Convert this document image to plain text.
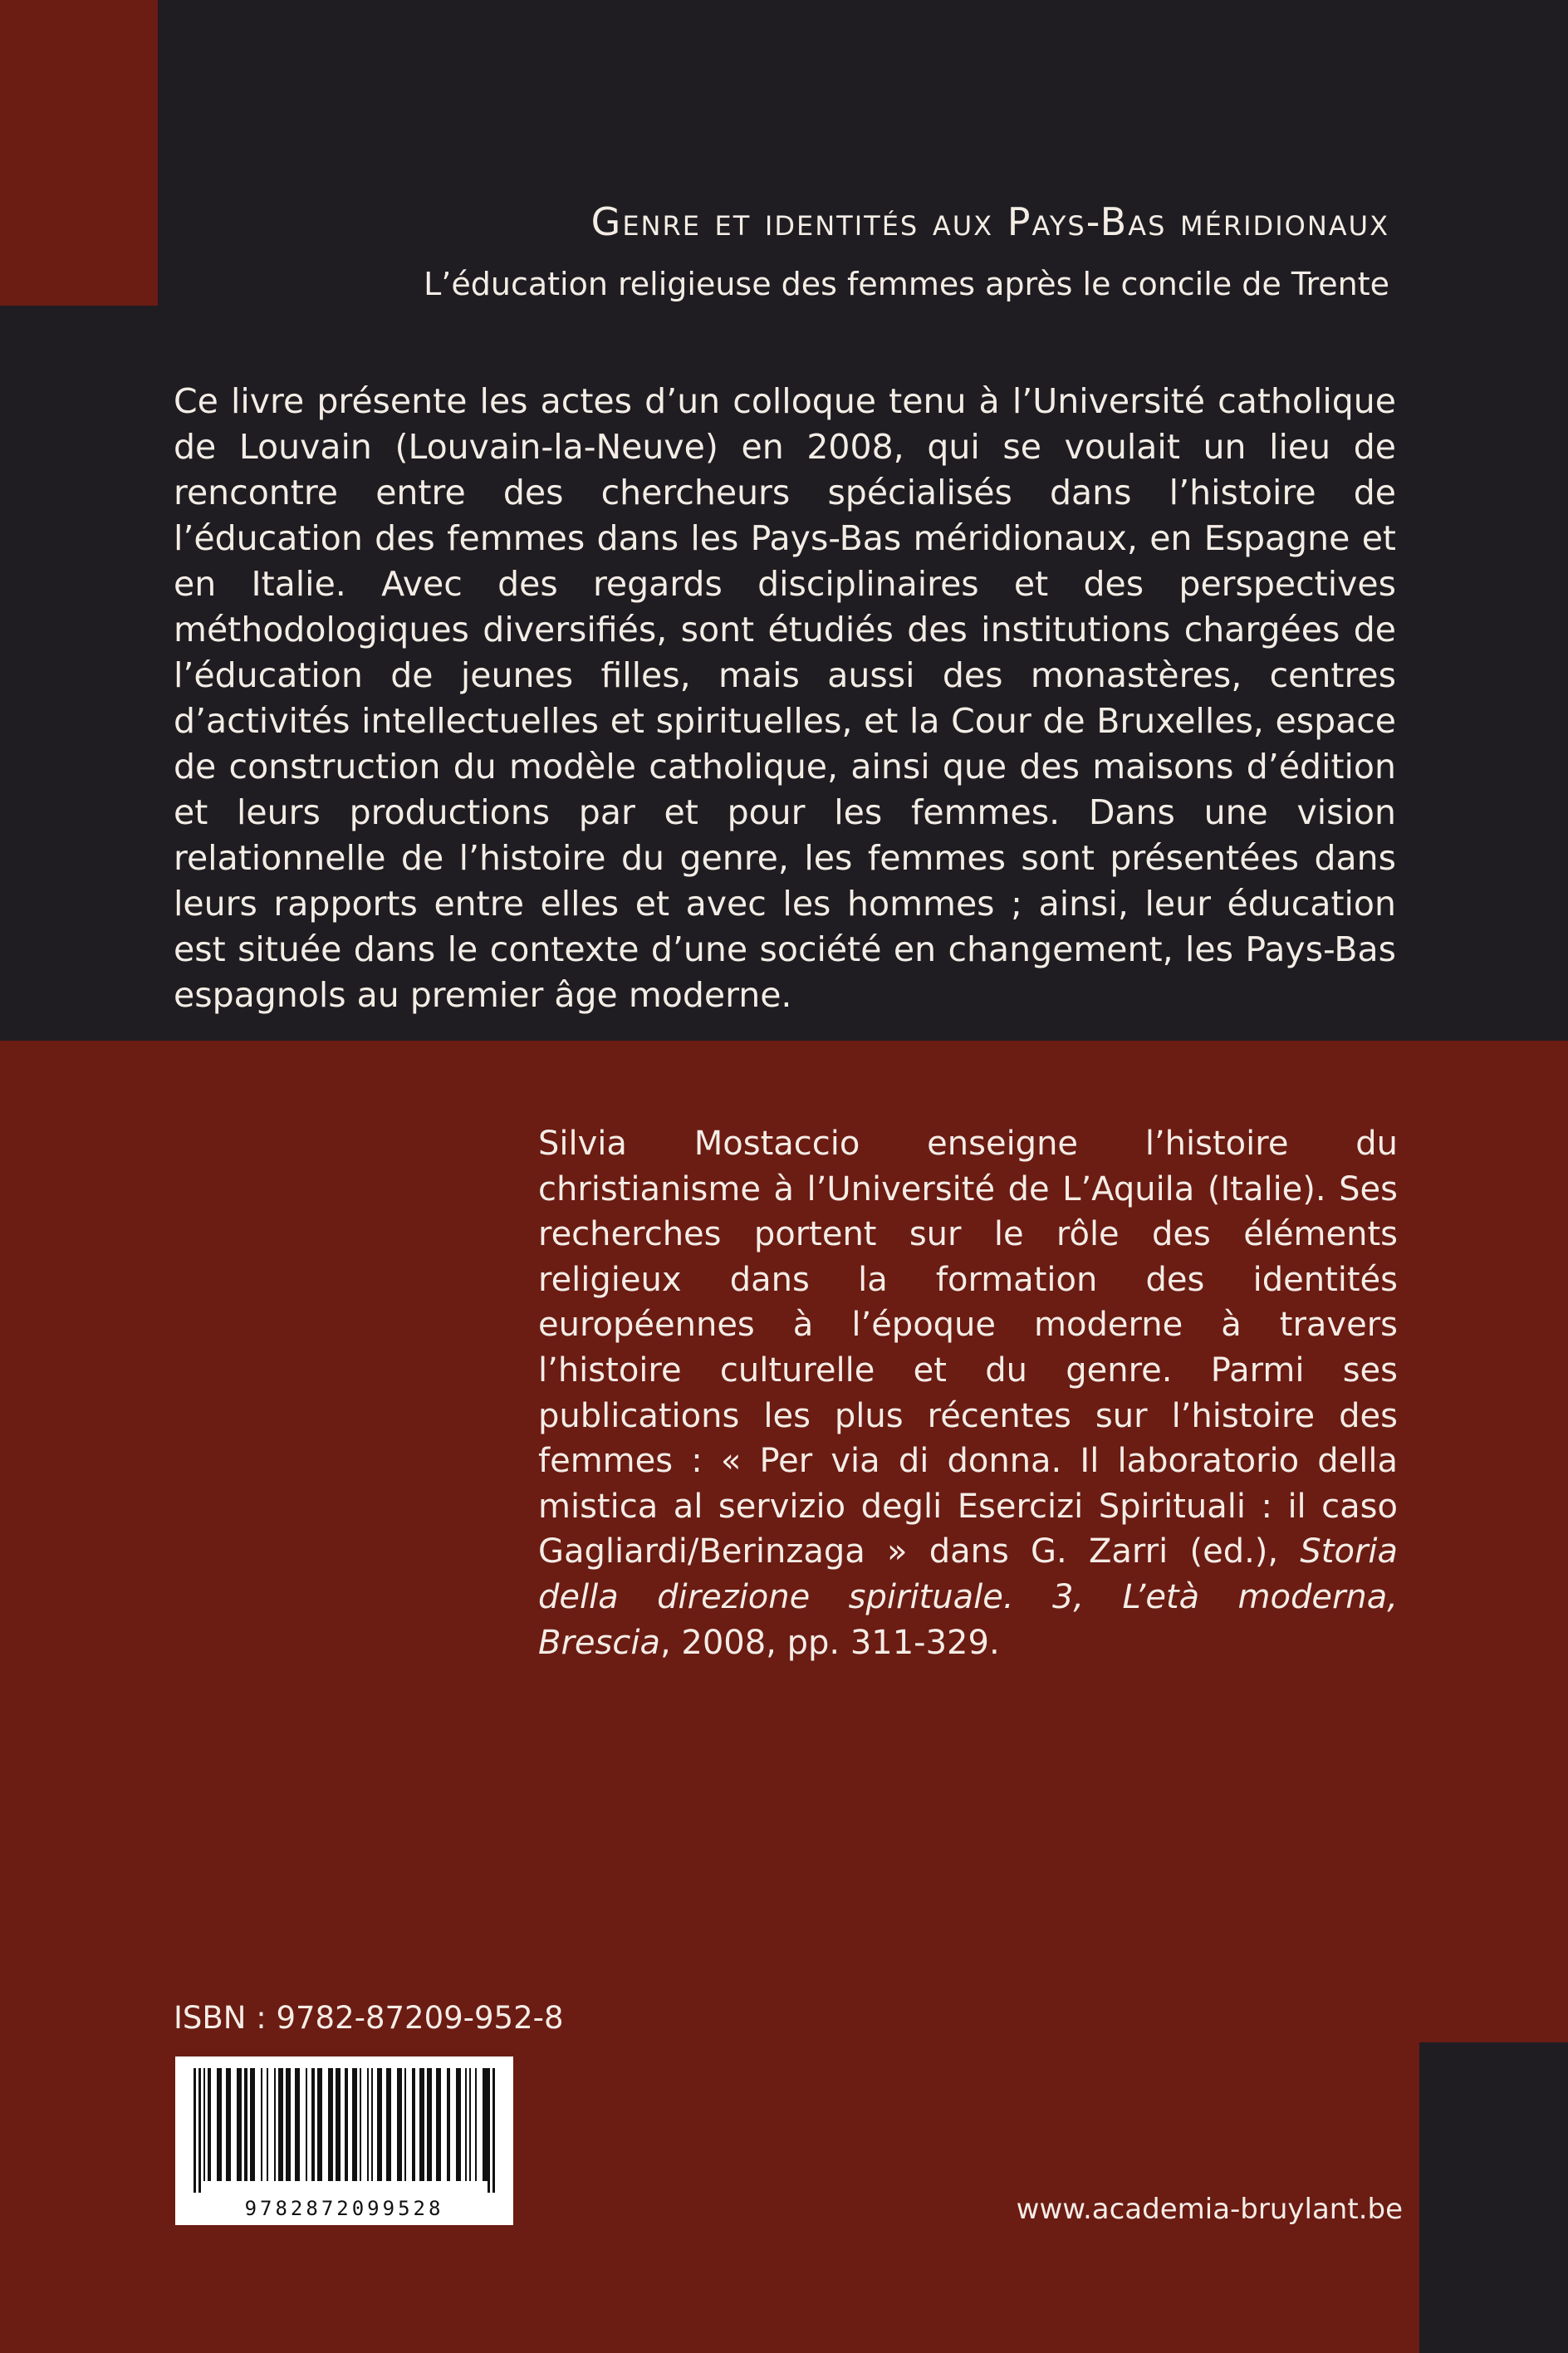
Genre et identités aux Pays-Bas méridionaux

L’éducation religieuse des femmes après le concile de Trente

Ce livre présente les actes d’un colloque tenu à l’Université catholique de Louvain (Louvain-la-Neuve) en 2008, qui se voulait un lieu de rencontre entre des chercheurs spécialisés dans l’histoire de l’éducation des femmes dans les Pays-Bas méridionaux, en Espagne et en Italie. Avec des regards disciplinaires et des perspectives méthodologiques diversifiés, sont étudiés des institutions chargées de l’éducation de jeunes filles, mais aussi des monastères, centres d’activités intellectuelles et spirituelles, et la Cour de Bruxelles, espace de construction du modèle catholique, ainsi que des maisons d’édition et leurs productions par et pour les femmes. Dans une vision relationnelle de l’histoire du genre, les femmes sont présentées dans leurs rapports entre elles et avec les hommes ; ainsi, leur éducation est située dans le contexte d’une société en changement, les Pays-Bas espagnols au premier âge moderne.

Silvia Mostaccio enseigne l’histoire du christianisme à l’Université de L’Aquila (Italie). Ses recherches portent sur le rôle des éléments religieux dans la formation des identités européennes à l’époque moderne à travers l’histoire culturelle et du genre. Parmi ses publications les plus récentes sur l’histoire des femmes : « Per via di donna. Il laboratorio della mistica al servizio degli Esercizi Spirituali : il caso Gagliardi/Berinzaga » dans G. Zarri (ed.), Storia della direzione spirituale. 3, L’età moderna, Brescia, 2008, pp. 311-329.

ISBN : 9782-87209-952-8

9782872099528	www.academia-bruylant.be
